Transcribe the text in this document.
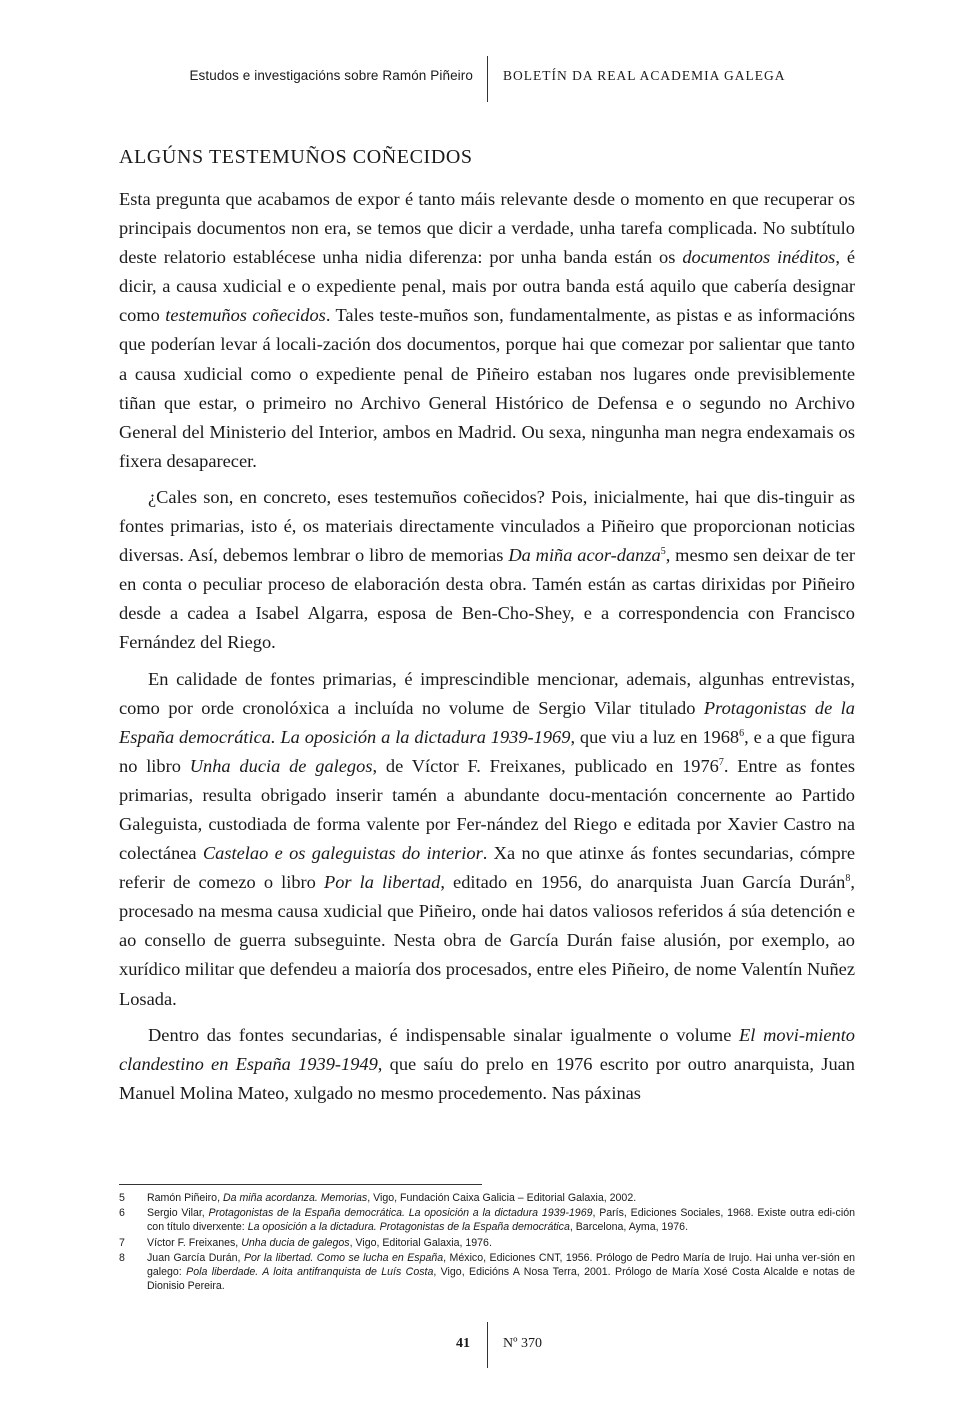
Estudos e investigacións sobre Ramón Piñeiro BOLETÍN DA REAL ACADEMIA GALEGA
ALGÚNS TESTEMUÑOS COÑECIDOS

Esta pregunta que acabamos de expor é tanto máis relevante desde o momento en que recuperar os principais documentos non era, se temos que dicir a verdade, unha tarefa complicada. No subtítulo deste relatorio establécese unha nidia diferenza: por unha banda están os documentos inéditos, é dicir, a causa xudicial e o expediente penal, mais por outra banda está aquilo que cabería designar como testemuños coñecidos. Tales teste-muños son, fundamentalmente, as pistas e as informacións que poderían levar á locali-zación dos documentos, porque hai que comezar por salientar que tanto a causa xudicial como o expediente penal de Piñeiro estaban nos lugares onde previsiblemente tiñan que estar, o primeiro no Archivo General Histórico de Defensa e o segundo no Archivo General del Ministerio del Interior, ambos en Madrid. Ou sexa, ningunha man negra endexamais os fixera desaparecer.

¿Cales son, en concreto, eses testemuños coñecidos? Pois, inicialmente, hai que dis-tinguir as fontes primarias, isto é, os materiais directamente vinculados a Piñeiro que proporcionan noticias diversas. Así, debemos lembrar o libro de memorias Da miña acor-danza$^5$, mesmo sen deixar de ter en conta o peculiar proceso de elaboración desta obra. Tamén están as cartas dirixidas por Piñeiro desde a cadea a Isabel Algarra, esposa de Ben-Cho-Shey, e a correspondencia con Francisco Fernández del Riego.

En calidade de fontes primarias, é imprescindible mencionar, ademais, algunhas entrevistas, como por orde cronolóxica a incluída no volume de Sergio Vilar titulado Protagonistas de la España democrática. La oposición a la dictadura 1939-1969, que viu a luz en 1968$^6$, e a que figura no libro Unha ducia de galegos, de Víctor F. Freixanes, publicado en 1976$^7$. Entre as fontes primarias, resulta obrigado inserir tamén a abundante docu-mentación concernente ao Partido Galeguista, custodiada de forma valente por Fer-nández del Riego e editada por Xavier Castro na colectánea Castelao e os galeguistas do interior. Xa no que atinxe ás fontes secundarias, cómpre referir de comezo o libro Por la libertad, editado en 1956, do anarquista Juan García Durán$^8$, procesado na mesma causa xudicial que Piñeiro, onde hai datos valiosos referidos á súa detención e ao consello de guerra subseguinte. Nesta obra de García Durán faise alusión, por exemplo, ao xurídico militar que defendeu a maioría dos procesados, entre eles Piñeiro, de nome Valentín Nuñez Losada.

Dentro das fontes secundarias, é indispensable sinalar igualmente o volume El movi-miento clandestino en España 1939-1949, que saíu do prelo en 1976 escrito por outro anarquista, Juan Manuel Molina Mateo, xulgado no mesmo procedemento. Nas páxinas

5	Ramón Piñeiro, Da miña acordanza. Memorias, Vigo, Fundación Caixa Galicia – Editorial Galaxia, 2002.
6	Sergio Vilar, Protagonistas de la España democrática. La oposición a la dictadura 1939-1969, París, Ediciones Sociales, 1968. Existe outra edi-ción con título diverxente: La oposición a la dictadura. Protagonistas de la España democrática, Barcelona, Ayma, 1976.
7	Víctor F. Freixanes, Unha ducia de galegos, Vigo, Editorial Galaxia, 1976.
8	Juan García Durán, Por la libertad. Como se lucha en España, México, Ediciones CNT, 1956. Prólogo de Pedro María de Irujo. Hai unha ver-sión en galego: Pola liberdade. A loita antifranquista de Luís Costa, Vigo, Edicións A Nosa Terra, 2001. Prólogo de María Xosé Costa Alcalde e notas de Dionisio Pereira.
41 Nº 370
